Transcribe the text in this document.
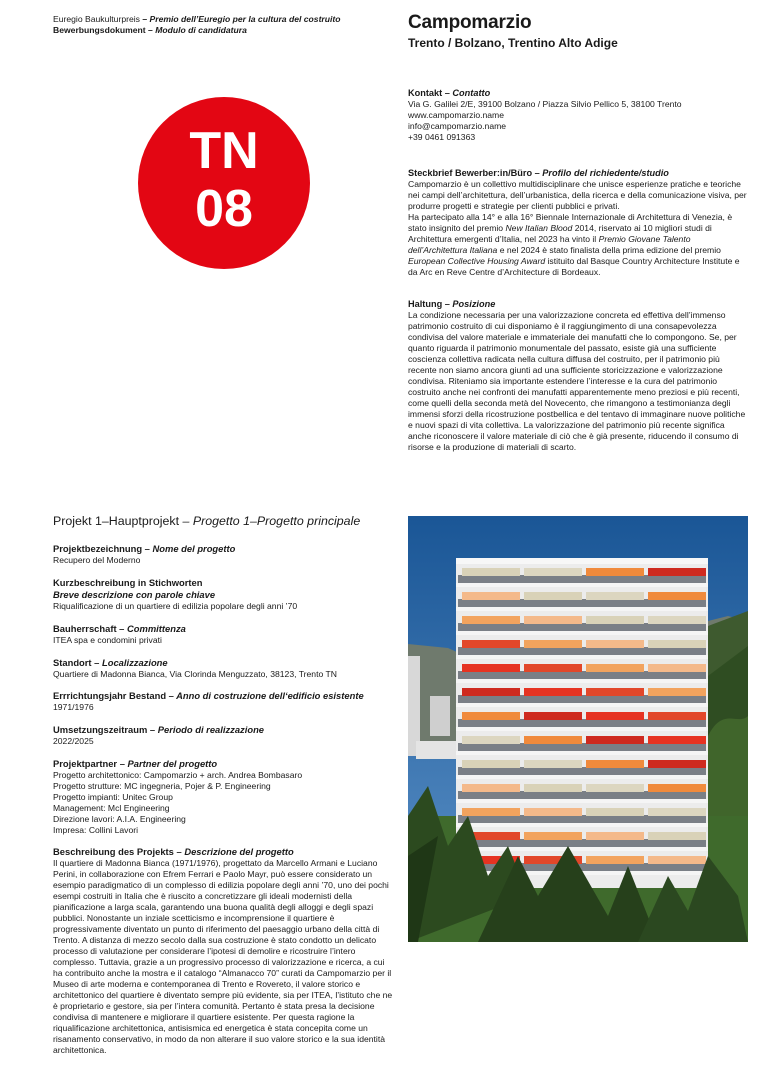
Euregio Baukulturpreis – Premio dell’Euregio per la cultura del costruito
Bewerbungsdokument – Modulo di candidatura	Campomarzio
Trento / Bolzano, Trentino Alto Adige
TN
08
Kontakt – Contatto
Via G. Galilei 2/E, 39100 Bolzano / Piazza Silvio Pellico 5, 38100 Trento
www.campomarzio.name
info@campomarzio.name
+39 0461 091363
Steckbrief Bewerber:in/Büro – Profilo del richiedente/studio
Campomarzio è un collettivo multidisciplinare che unisce esperienze pratiche e teoriche nei campi dell’architettura, dell’urbanistica, della ricerca e della comunicazione visiva, per produrre progetti e strategie per clienti pubblici e privati.
Ha partecipato alla 14° e alla 16° Biennale Internazionale di Architettura di Venezia, è stato insignito del premio New Italian Blood 2014, riservato ai 10 migliori studi di Architettura emergenti d’Italia, nel 2023 ha vinto il Premio Giovane Talento dell’Architettura Italiana e nel 2024 è stato finalista della prima edizione del premio European Collective Housing Award istituito dal Basque Country Architecture Institute e da Arc en Reve Centre d’Architecture di Bordeaux.
Haltung – Posizione
La condizione necessaria per una valorizzazione concreta ed effettiva dell’immenso patrimonio costruito di cui disponiamo è il raggiungimento di una consapevolezza condivisa del valore materiale e immateriale dei manufatti che lo compongono. Se, per quanto riguarda il patrimonio monumentale del passato, esiste già una sufficiente coscienza collettiva radicata nella cultura diffusa del costruito, per il patrimonio più recente non siamo ancora giunti ad una sufficiente storicizzazione e valorizzazione condivisa. Riteniamo sia importante estendere l’interesse e la cura del patrimonio costruito anche nei confronti dei manufatti apparentemente meno preziosi e più recenti, come quelli della seconda metà del Novecento, che rimangono a testimonianza degli immensi sforzi della ricostruzione postbellica e del tentavo di immaginare nuove politiche e nuovi spazi di vita collettiva. La valorizzazione del patrimonio più recente significa anche riconoscere il valore materiale di ciò che è già presente, riducendo il consumo di risorse e la produzione di materiali di scarto.
Projekt 1–Hauptprojekt – Progetto 1–Progetto principale
Projektbezeichnung – Nome del progetto
Recupero del Moderno
Kurzbeschreibung in Stichworten
Breve descrizione con parole chiave
Riqualificazione di un quartiere di edilizia popolare degli anni ’70
Bauherrschaft – Committenza
ITEA spa e condomini privati
Standort – Localizzazione
Quartiere di Madonna Bianca, Via Clorinda Menguzzato, 38123, Trento TN
Errrichtungsjahr Bestand – Anno di costruzione dell‘edificio esistente
1971/1976
Umsetzungszeitraum – Periodo di realizzazione
2022/2025
Projektpartner – Partner del progetto
Progetto architettonico: Campomarzio + arch. Andrea Bombasaro
Progetto strutture: MC ingegneria, Pojer & P. Engineering
Progetto impianti: Unitec Group
Management: Mcl Engineering
Direzione lavori: A.I.A. Engineering
Impresa: Collini Lavori
Beschreibung des Projekts – Descrizione del progetto
Il quartiere di Madonna Bianca (1971/1976), progettato da Marcello Armani e Luciano Perini, in collaborazione con Efrem Ferrari e Paolo Mayr, può essere considerato un esempio paradigmatico di un complesso di edilizia popolare degli anni ’70, uno dei pochi esempi costruiti in Italia che è riuscito a concretizzare gli ideali modernisti della pianificazione a larga scala, garantendo una buona qualità degli alloggi e degli spazi pubblici. Nonostante un inziale scetticismo e incomprensione il quartiere è progressivamente diventato un punto di riferimento del paesaggio urbano della città di Trento. A distanza di mezzo secolo dalla sua costruzione è stato condotto un delicato processo di valutazione per considerare l’ipotesi di demolire e ricostruire l’intero complesso. Tuttavia, grazie a un progressivo processo di valorizzazione e ricerca, a cui ha contribuito anche la mostra e il catalogo “Almanacco 70” curati da Campomarzio per il Museo di arte moderna e contemporanea di Trento e Rovereto, il valore storico e architettonico del quartiere è diventato sempre più evidente, sia per ITEA, l’istituto che ne è proprietario e gestore, sia per l’intera comunità. Pertanto è stata presa la decisione condivisa di mantenere e migliorare il quartiere esistente. Per questa ragione la riqualificazione architettonica, antisismica ed energetica è stata concepita come un risanamento conservativo, in modo da non alterare il suo valore storico e la sua identità architettonica.
